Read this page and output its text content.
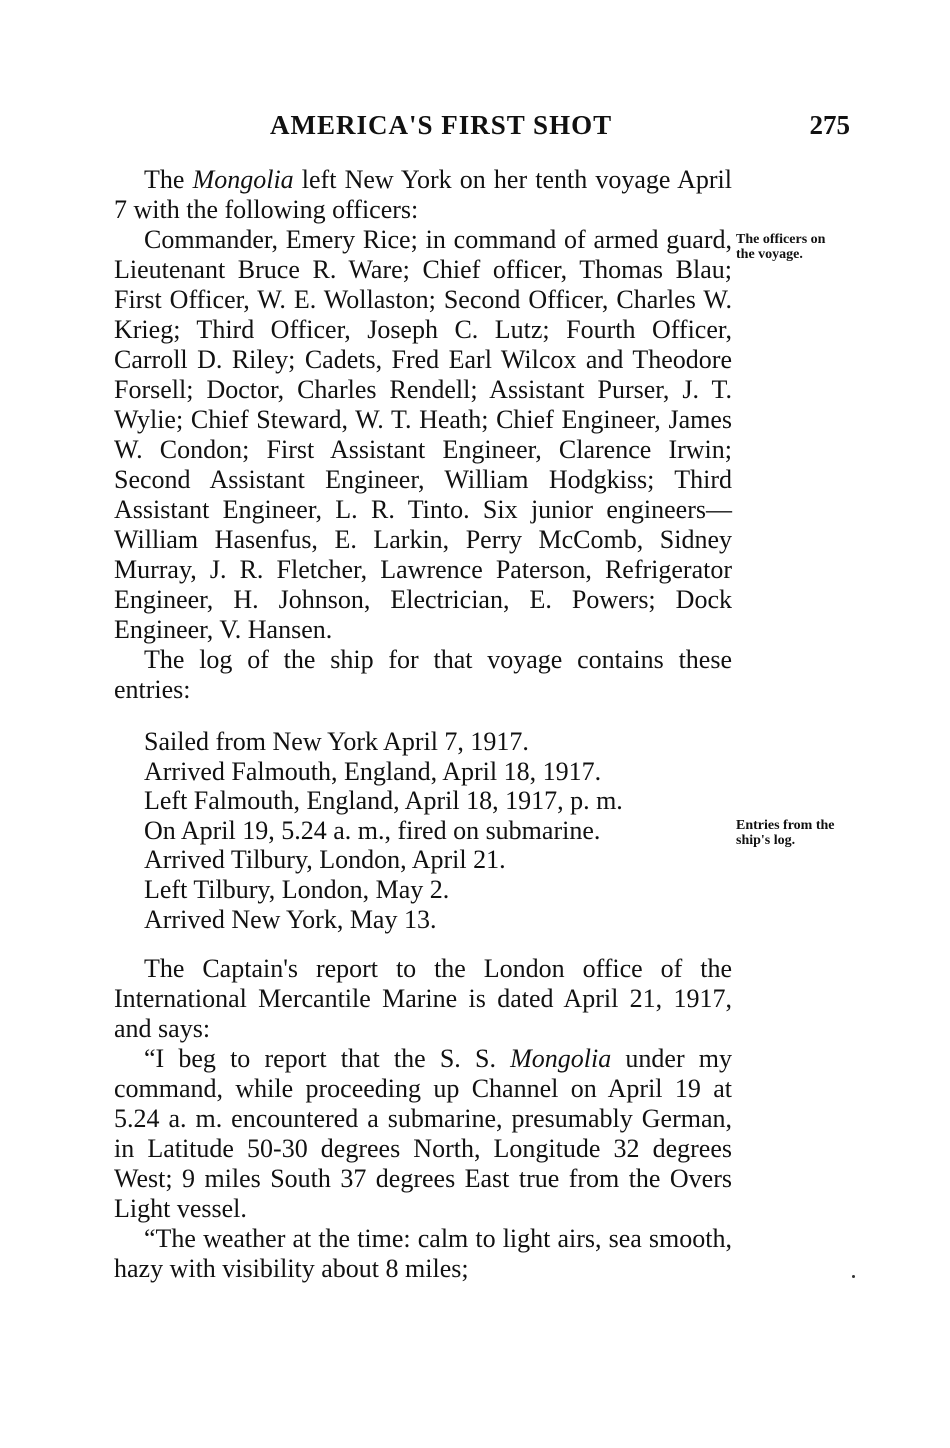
AMERICA'S FIRST SHOT	275
The officers on the voyage.
Entries from the ship's log.

The Mongolia left New York on her tenth voyage April 7 with the following officers:

Commander, Emery Rice; in command of armed guard, Lieutenant Bruce R. Ware; Chief officer, Thomas Blau; First Officer, W. E. Wollaston; Second Officer, Charles W. Krieg; Third Officer, Joseph C. Lutz; Fourth Officer, Carroll D. Riley; Cadets, Fred Earl Wilcox and Theodore Forsell; Doctor, Charles Rendell; Assistant Purser, J. T. Wylie; Chief Steward, W. T. Heath; Chief Engineer, James W. Condon; First Assistant Engineer, Clarence Irwin; Second Assistant Engineer, William Hodgkiss; Third Assistant Engineer, L. R. Tinto. Six junior engineers—William Hasenfus, E. Larkin, Perry McComb, Sidney Murray, J. R. Fletcher, Lawrence Paterson, Refrigerator Engineer, H. Johnson, Electrician, E. Powers; Dock Engineer, V. Hansen.

The log of the ship for that voyage contains these entries:

Sailed from New York April 7, 1917.
Arrived Falmouth, England, April 18, 1917.
Left Falmouth, England, April 18, 1917, p. m.
On April 19, 5.24 a. m., fired on submarine.
Arrived Tilbury, London, April 21.
Left Tilbury, London, May 2.
Arrived New York, May 13.

The Captain's report to the London office of the International Mercantile Marine is dated April 21, 1917, and says:

“I beg to report that the S. S. Mongolia under my command, while proceeding up Channel on April 19 at 5.24 a. m. encountered a submarine, presumably German, in Latitude 50-30 degrees North, Longitude 32 degrees West; 9 miles South 37 degrees East true from the Overs Light vessel.

“The weather at the time: calm to light airs, sea smooth, hazy with visibility about 8 miles;
